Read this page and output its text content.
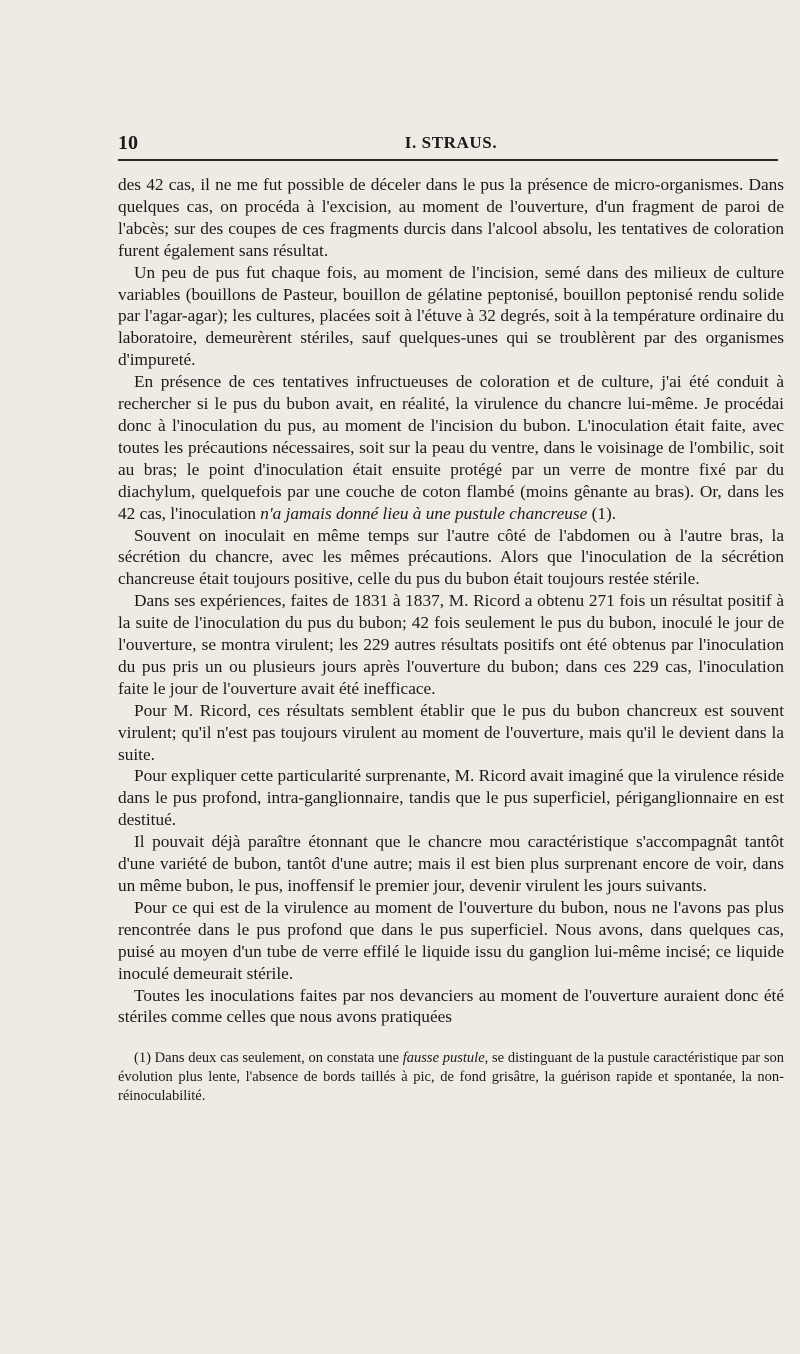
10	I. STRAUS.

des 42 cas, il ne me fut possible de déceler dans le pus la présence de micro-organismes. Dans quelques cas, on procéda à l'excision, au moment de l'ouverture, d'un fragment de paroi de l'abcès; sur des coupes de ces fragments durcis dans l'alcool absolu, les tentatives de coloration furent également sans résultat.

Un peu de pus fut chaque fois, au moment de l'incision, semé dans des milieux de culture variables (bouillons de Pasteur, bouillon de gélatine peptonisé, bouillon peptonisé rendu solide par l'agar-agar); les cultures, placées soit à l'étuve à 32 degrés, soit à la température ordinaire du laboratoire, demeurèrent stériles, sauf quelques-unes qui se troublèrent par des organismes d'impureté.

En présence de ces tentatives infructueuses de coloration et de culture, j'ai été conduit à rechercher si le pus du bubon avait, en réalité, la virulence du chancre lui-même. Je procédai donc à l'inoculation du pus, au moment de l'incision du bubon. L'inoculation était faite, avec toutes les précautions nécessaires, soit sur la peau du ventre, dans le voisinage de l'ombilic, soit au bras; le point d'inoculation était ensuite protégé par un verre de montre fixé par du diachylum, quelquefois par une couche de coton flambé (moins gênante au bras). Or, dans les 42 cas, l'inoculation n'a jamais donné lieu à une pustule chancreuse (1).

Souvent on inoculait en même temps sur l'autre côté de l'abdomen ou à l'autre bras, la sécrétion du chancre, avec les mêmes précautions. Alors que l'inoculation de la sécrétion chancreuse était toujours positive, celle du pus du bubon était toujours restée stérile.

Dans ses expériences, faites de 1831 à 1837, M. Ricord a obtenu 271 fois un résultat positif à la suite de l'inoculation du pus du bubon; 42 fois seulement le pus du bubon, inoculé le jour de l'ouverture, se montra virulent; les 229 autres résultats positifs ont été obtenus par l'inoculation du pus pris un ou plusieurs jours après l'ouverture du bubon; dans ces 229 cas, l'inoculation faite le jour de l'ouverture avait été inefficace.

Pour M. Ricord, ces résultats semblent établir que le pus du bubon chancreux est souvent virulent; qu'il n'est pas toujours virulent au moment de l'ouverture, mais qu'il le devient dans la suite.

Pour expliquer cette particularité surprenante, M. Ricord avait imaginé que la virulence réside dans le pus profond, intra-ganglionnaire, tandis que le pus superficiel, périganglionnaire en est destitué.

Il pouvait déjà paraître étonnant que le chancre mou caractéristique s'accompagnât tantôt d'une variété de bubon, tantôt d'une autre; mais il est bien plus surprenant encore de voir, dans un même bubon, le pus, inoffensif le premier jour, devenir virulent les jours suivants.

Pour ce qui est de la virulence au moment de l'ouverture du bubon, nous ne l'avons pas plus rencontrée dans le pus profond que dans le pus superficiel. Nous avons, dans quelques cas, puisé au moyen d'un tube de verre effilé le liquide issu du ganglion lui-même incisé; ce liquide inoculé demeurait stérile.

Toutes les inoculations faites par nos devanciers au moment de l'ouverture auraient donc été stériles comme celles que nous avons pratiquées

(1) Dans deux cas seulement, on constata une fausse pustule, se distinguant de la pustule caractéristique par son évolution plus lente, l'absence de bords taillés à pic, de fond grisâtre, la guérison rapide et spontanée, la non-réinoculabilité.
